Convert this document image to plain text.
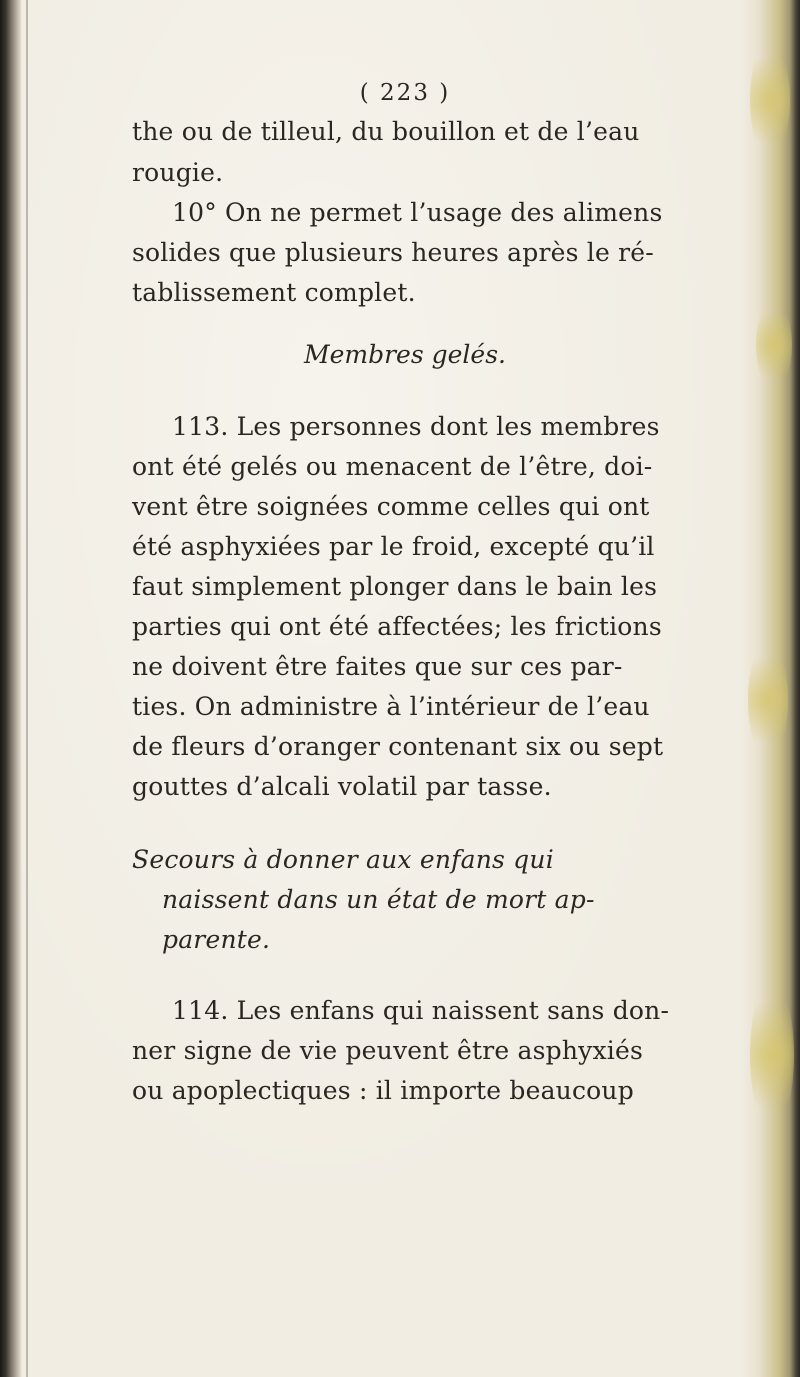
( 223 )
the ou de tilleul, du bouillon et de l’eau
rougie.
10° On ne permet l’usage des alimens
solides que plusieurs heures après le ré-
tablissement complet.
Membres gelés.
113. Les personnes dont les membres
ont été gelés ou menacent de l’être, doi-
vent être soignées comme celles qui ont
été asphyxiées par le froid, excepté qu’il
faut simplement plonger dans le bain les
parties qui ont été affectées; les frictions
ne doivent être faites que sur ces par-
ties. On administre à l’intérieur de l’eau
de fleurs d’oranger contenant six ou sept
gouttes d’alcali volatil par tasse.
Secours à donner aux enfans qui
naissent dans un état de mort ap-
parente.
114. Les enfans qui naissent sans don-
ner signe de vie peuvent être asphyxiés
ou apoplectiques : il importe beaucoup
